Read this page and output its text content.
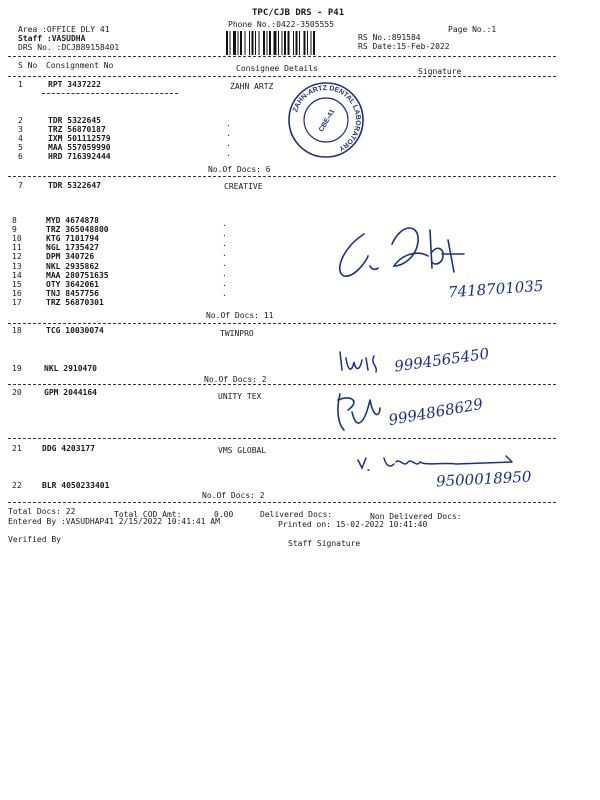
TPC/CJB DRS - P41
Phone No.:0422-3505555
Area :OFFICE DLY 41
Staff :VASUDHA
DRS No. :DCJB89158401
Page No.:1
RS No.:891584
RS Date:15-Feb-2022
S No Consignment No	Consignee Details	Signature
1	RPT 3437222	ZAHN ARTZ
2	TDR 5322645
3	TRZ 56870187
4	IXM 501112579
5	MAA 557059990
6	HRD 716392444
.
.
.
.
No.Of Docs: 6
ZAHN-ARTZ DENTAL LABORATORY
CBE-41
7	TDR 5322647	CREATIVE
8	MYD 4674878
9	TRZ 365048800
10	KTG 7101794
11	NGL 1735427
12	DPM 340726
13	NKL 2935862
14	MAA 280751635
15	OTY 3642061
16	TNJ 8457756
17	TRZ 56870301
.
.
.
.
.
.
.
.
No.Of Docs: 11
7418701035
18	TCG 10030074	TWINPRO
19	NKL 2910470
No.Of Docs: 2
9994565450
20	GPM 2044164	UNITY TEX	9994868629
21	DDG 4203177	VMS GLOBAL
22	BLR 4050233401
No.Of Docs: 2
9500018950
Total Docs: 22	Total COD Amt:	0.00	Delivered Docs:	Non Delivered Docs:
Entered By :VASUDHAP41 2/15/2022 10:41:41 AM	Printed on: 15-02-2022 10:41:40
Verified By	Staff Signature
